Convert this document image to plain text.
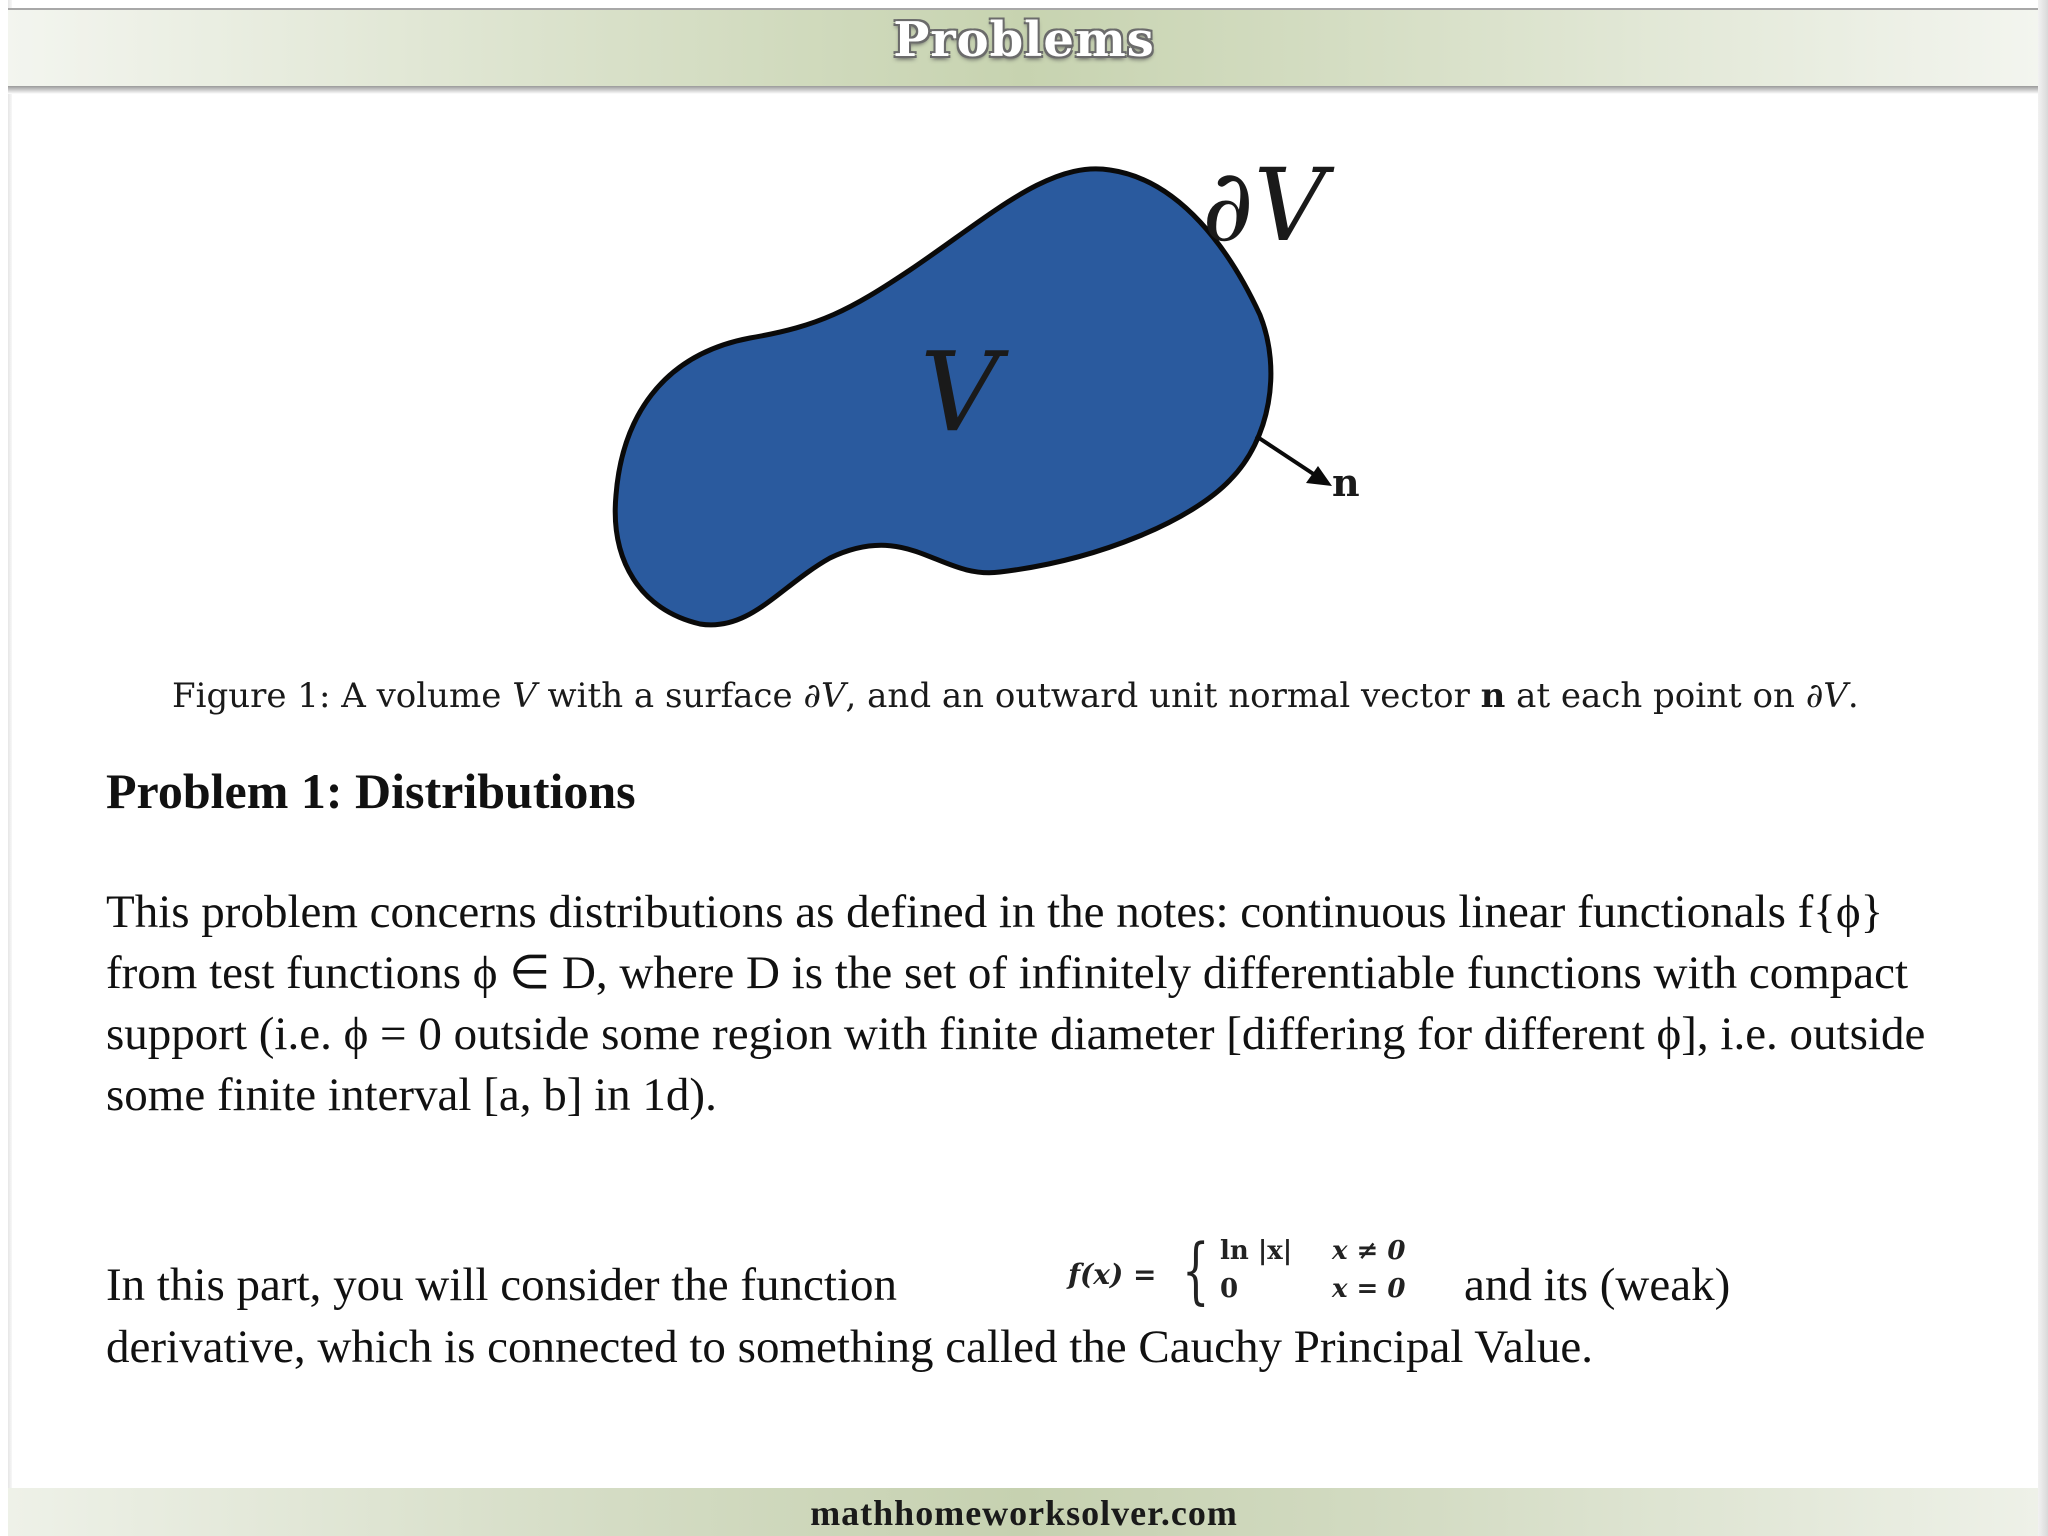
Problems
V
∂V
n
Figure 1: A volume V with a surface ∂V, and an outward unit normal vector n at each point on ∂V.
Problem 1: Distributions
This problem concerns distributions as defined in the notes: continuous linear functionals f{ϕ} from test functions ϕ ∈ D, where D is the set of infinitely differentiable functions with compact support (i.e. ϕ = 0 outside some region with finite diameter [differing for different ϕ], i.e. outside some finite interval [a, b] in 1d).
In this part, you will consider the function	f(x) = { ln |x| x ≠ 0
0	x = 0 and its (weak)
derivative, which is connected to something called the Cauchy Principal Value.
mathhomeworksolver.com
